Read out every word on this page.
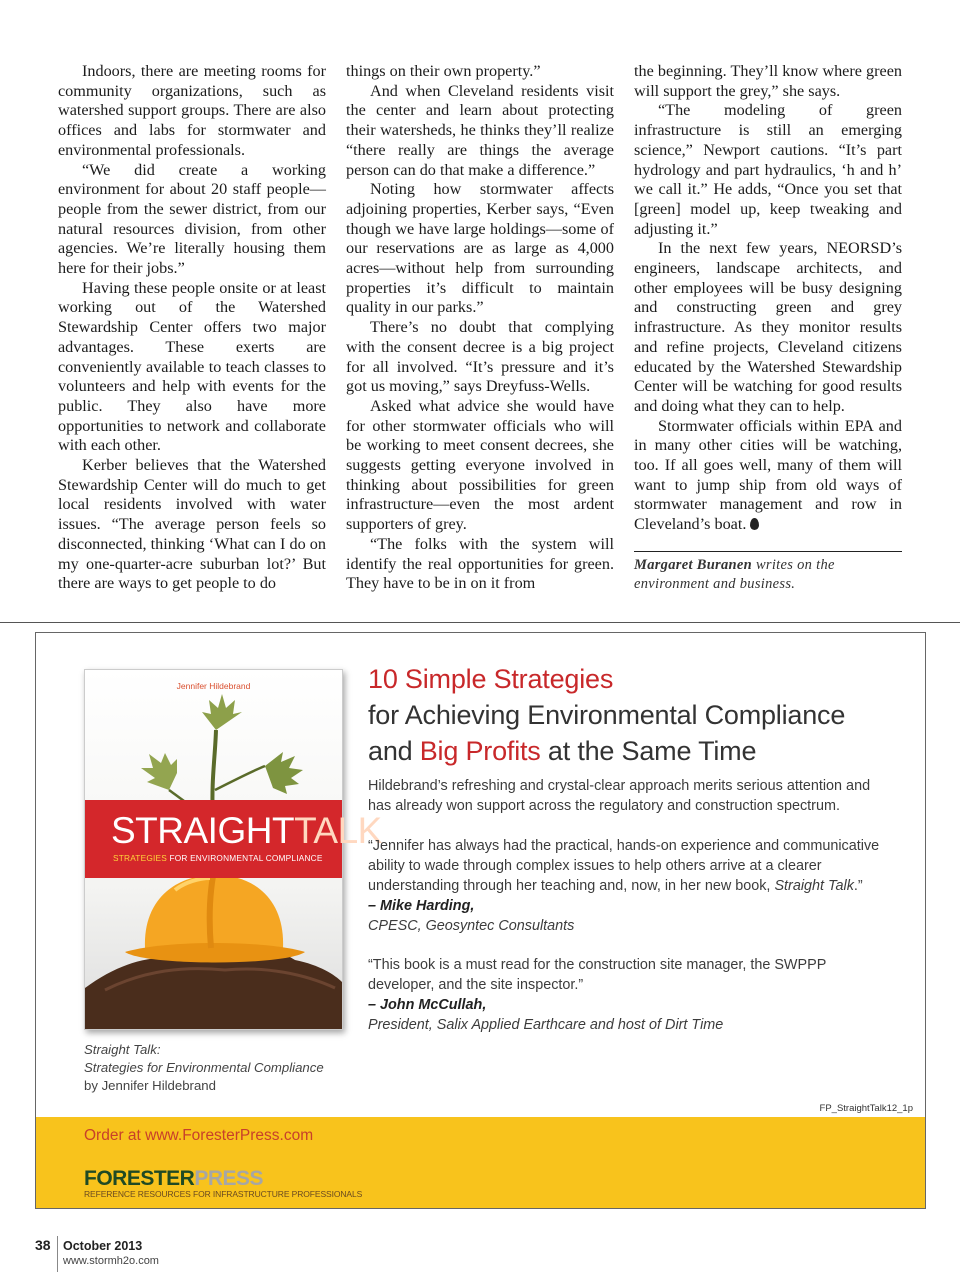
Indoors, there are meeting rooms for community organizations, such as watershed support groups. There are also offices and labs for stormwater and environmental professionals.

“We did create a working environment for about 20 staff people—people from the sewer district, from our natural resources division, from other agencies. We’re literally housing them here for their jobs.”

Having these people onsite or at least working out of the Watershed Stewardship Center offers two major advantages. These exerts are conveniently available to teach classes to volunteers and help with events for the public. They also have more opportunities to network and collaborate with each other.

Kerber believes that the Watershed Stewardship Center will do much to get local residents involved with water issues. “The average person feels so disconnected, thinking ‘What can I do on my one-quarter-acre suburban lot?’ But there are ways to get people to do

things on their own property.”

And when Cleveland residents visit the center and learn about protecting their watersheds, he thinks they’ll realize “there really are things the average person can do that make a difference.”

Noting how stormwater affects adjoining properties, Kerber says, “Even though we have large holdings—some of our reservations are as large as 4,000 acres—without help from surrounding properties it’s difficult to maintain quality in our parks.”

There’s no doubt that complying with the consent decree is a big project for all involved. “It’s pressure and it’s got us moving,” says Dreyfuss-Wells.

Asked what advice she would have for other stormwater officials who will be working to meet consent decrees, she suggests getting everyone involved in thinking about possibilities for green infrastructure—even the most ardent supporters of grey.

“The folks with the system will identify the real opportunities for green. They have to be in on it from

the beginning. They’ll know where green will support the grey,” she says.

“The modeling of green infrastructure is still an emerging science,” Newport cautions. “It’s part hydrology and part hydraulics, ‘h and h’ we call it.” He adds, “Once you set that [green] model up, keep tweaking and adjusting it.”

In the next few years, NEORSD’s engineers, landscape architects, and other employees will be busy designing and constructing green and grey infrastructure. As they monitor results and refine projects, Cleveland citizens educated by the Watershed Stewardship Center will be watching for good results and doing what they can to help.

Stormwater officials within EPA and in many other cities will be watching, too. If all goes well, many of them will want to jump ship from old ways of stormwater management and row in Cleveland’s boat.

Margaret Buranen writes on the environment and business.
Jennifer Hildebrand
STRAIGHTTALK
STRATEGIES FOR ENVIRONMENTAL COMPLIANCE
Straight Talk:
Strategies for Environmental Compliance
by Jennifer Hildebrand
10 Simple Strategies
for Achieving Environmental Compliance
and Big Profits at the Same Time
Hildebrand’s refreshing and crystal-clear approach merits serious attention and has already won support across the regulatory and construction spectrum.
“Jennifer has always had the practical, hands-on experience and communicative ability to wade through complex issues to help others arrive at a clearer understanding through her teaching and, now, in her new book, Straight Talk.”
– Mike Harding,
CPESC, Geosyntec Consultants
“This book is a must read for the construction site manager, the SWPPP developer, and the site inspector.”
– John McCullah,
President, Salix Applied Earthcare and host of Dirt Time
FP_StraightTalk12_1p
Order at www.ForesterPress.com
FORESTERPRESS
REFERENCE RESOURCES FOR INFRASTRUCTURE PROFESSIONALS
38 October 2013
www.stormh2o.com
